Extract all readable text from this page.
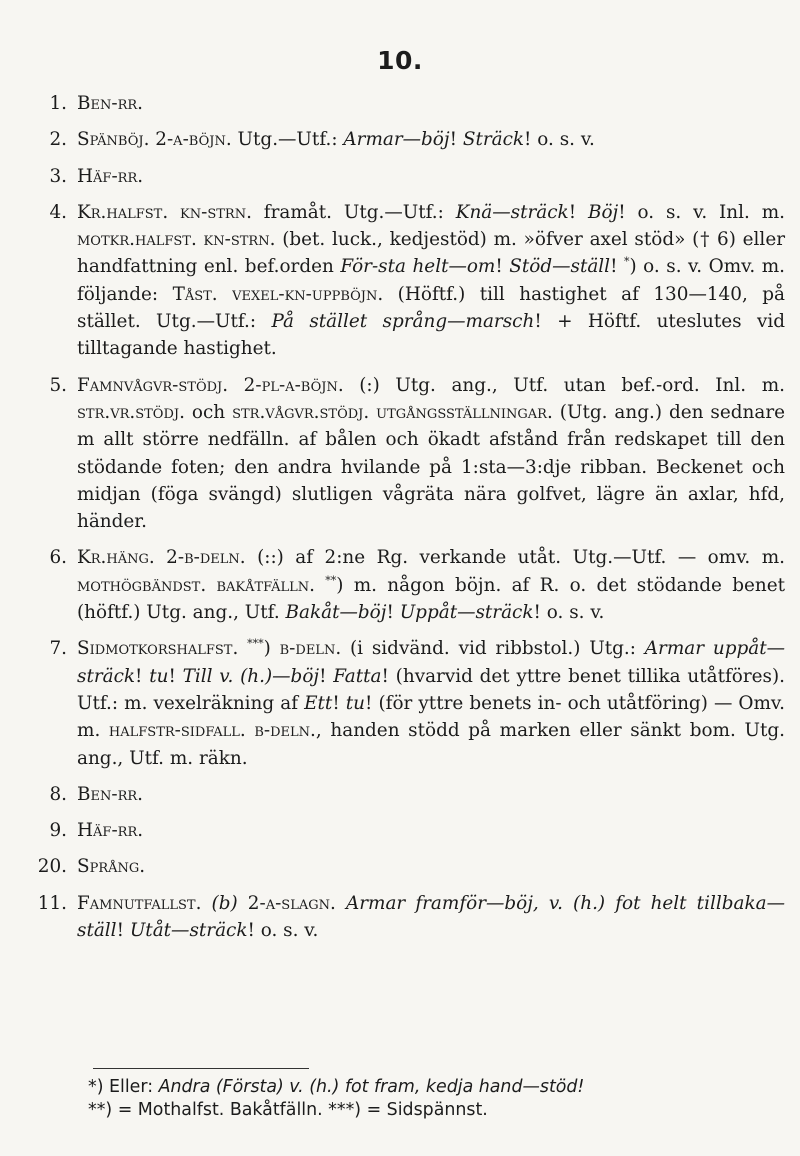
10.
1. Ben-rr.
2. Spänböj. 2-a-böjn. Utg.—Utf.: Armar—böj! Sträck! o. s. v.
3. Häf-rr.
4. Kr.halfst. kn-strn. framåt. Utg.—Utf.: Knä—sträck! Böj! o. s. v. Inl. m. motkr.halfst. kn-strn. (bet. luck., kedjestöd) m. »öfver axel stöd» († 6) eller handfattning enl. bef.orden För-sta helt—om! Stöd—ställ! *) o. s. v. Omv. m. följande: Tåst. vexel-kn-uppböjn. (Höftf.) till hastighet af 130—140, på stället. Utg.—Utf.: På stället språng—marsch! + Höftf. uteslutes vid tilltagande hastighet.
5. Famnvågvr-stödj. 2-pl-a-böjn. (:) Utg. ang., Utf. utan bef.-ord. Inl. m. str.vr.stödj. och str.vågvr.stödj. utgångsställningar. (Utg. ang.) den sednare m allt större nedfälln. af bålen och ökadt afstånd från redskapet till den stödande foten; den andra hvilande på 1:sta—3:dje ribban. Beckenet och midjan (föga svängd) slutligen vågräta nära golfvet, lägre än axlar, hfd, händer.
6. Kr.häng. 2-b-deln. (::) af 2:ne Rg. verkande utåt. Utg.—Utf. — omv. m. mothögbändst. bakåtfälln. **) m. någon böjn. af R. o. det stödande benet (höftf.) Utg. ang., Utf. Bakåt—böj! Uppåt—sträck! o. s. v.
7. Sidmotkorshalfst. ***) b-deln. (i sidvänd. vid ribbstol.) Utg.: Armar uppåt—sträck! tu! Till v. (h.)—böj! Fatta! (hvarvid det yttre benet tillika utåtföres). Utf.: m. vexelräkning af Ett! tu! (för yttre benets in- och utåtföring) — Omv. m. halfstr-sidfall. b-deln., handen stödd på marken eller sänkt bom. Utg. ang., Utf. m. räkn.
8. Ben-rr.
9. Häf-rr.
20. Språng.
11. Famnutfallst. (b) 2-a-slagn. Armar framför—böj, v. (h.) fot helt tillbaka—ställ! Utåt—sträck! o. s. v.
*) Eller: Andra (Första) v. (h.) fot fram, kedja hand—stöd!
**) = Mothalfst. Bakåtfälln. ***) = Sidspännst.
